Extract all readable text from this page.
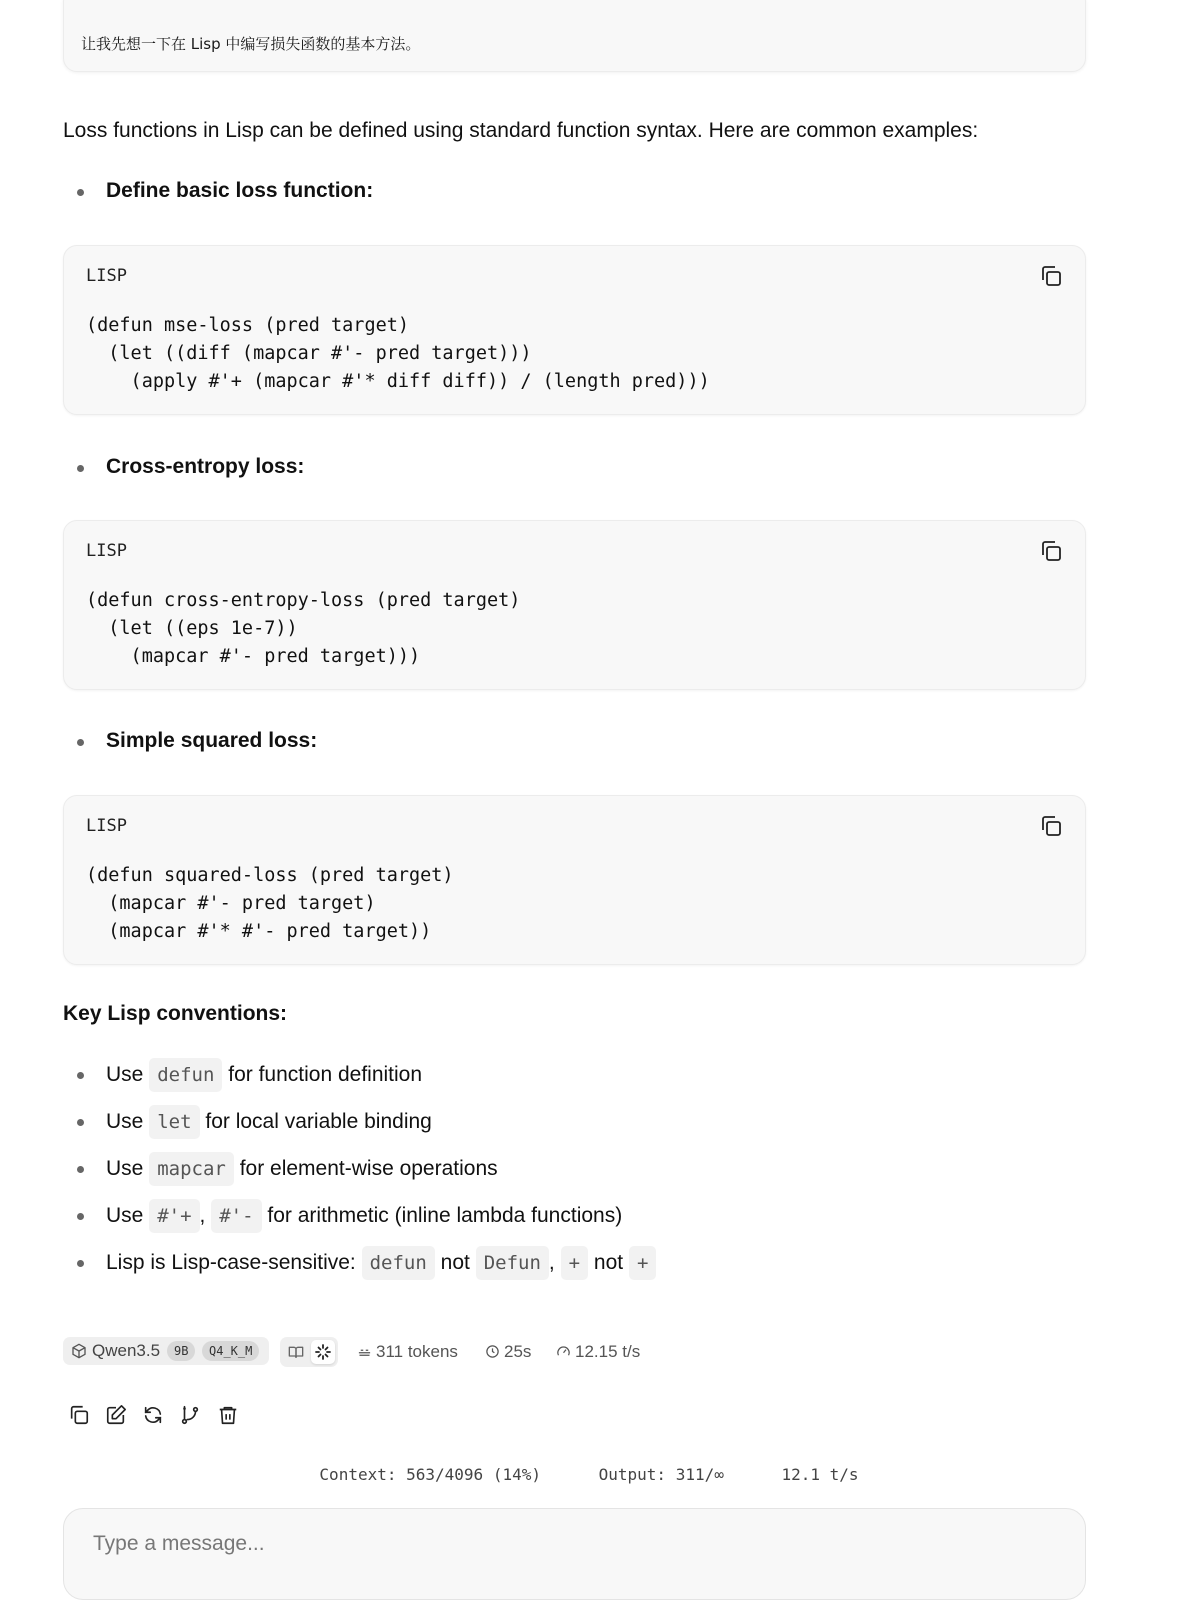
让我先想一下在 Lisp 中编写损失函数的基本方法。
Loss functions in Lisp can be defined using standard function syntax. Here are common examples:
Define basic loss function:
LISP
(defun mse-loss (pred target)
(let ((diff (mapcar #'- pred target)))
(apply #'+ (mapcar #'* diff diff)) / (length pred)))
Cross-entropy loss:
LISP
(defun cross-entropy-loss (pred target)
(let ((eps 1e-7))
(mapcar #'- pred target)))
Simple squared loss:
LISP
(defun squared-loss (pred target)
(mapcar #'- pred target)
(mapcar #'* #'- pred target))
Key Lisp conventions:
Use defun for function definition
Use let for local variable binding
Use mapcar for element-wise operations
Use #'+ , #'- for arithmetic (inline lambda functions)
Lisp is Lisp-case-sensitive: defun not Defun , + not +
Qwen3.5	9B	Q4_K_M	311 tokens	25s	12.15 t/s
Context: 563/4096 (14%)	Output: 311/∞	12.1 t/s
Type a message...
